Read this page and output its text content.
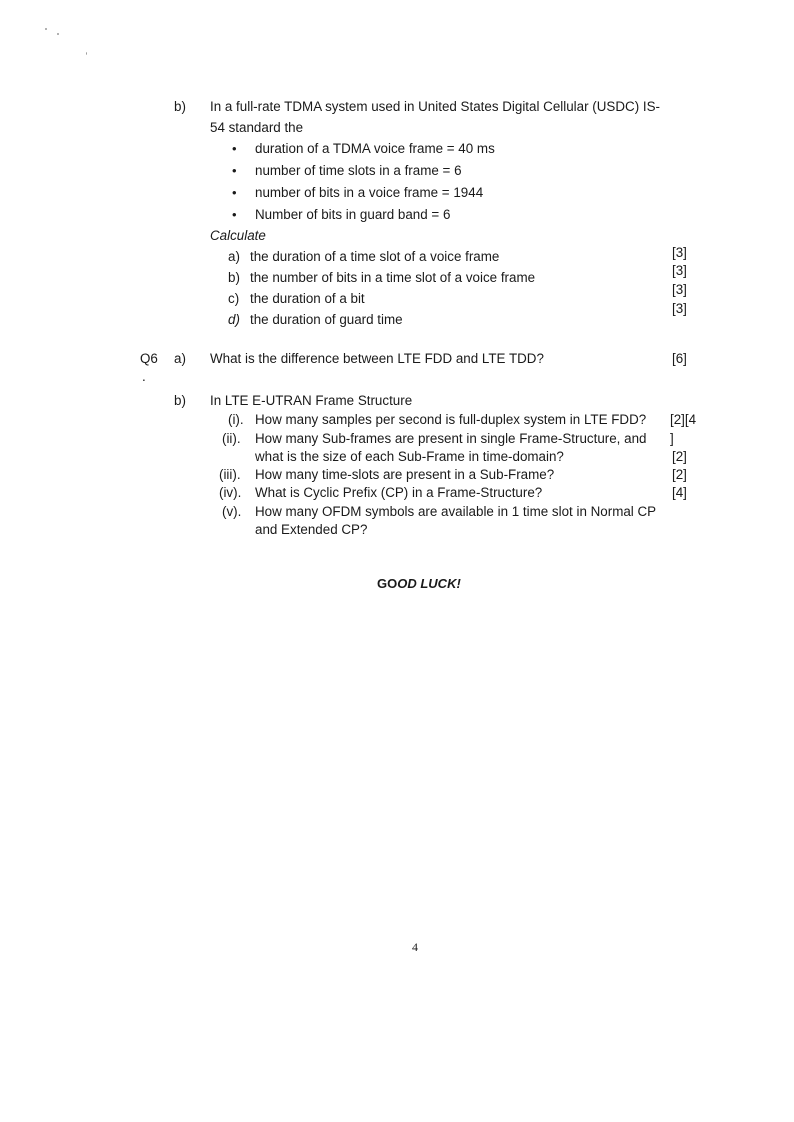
b) In a full-rate TDMA system used in United States Digital Cellular (USDC) IS-
54 standard the
• duration of a TDMA voice frame = 40 ms
• number of time slots in a frame = 6
• number of bits in a voice frame = 1944
• Number of bits in guard band = 6
Calculate
a) the duration of a time slot of a voice frame
b) the number of bits in a time slot of a voice frame
c) the duration of a bit
d) the duration of guard time
[3]
[3]
[3]
[3]
Q6
.
a) What is the difference between LTE FDD and LTE TDD?	[6]
b) In LTE E-UTRAN Frame Structure
(i). How many samples per second is full-duplex system in LTE FDD?
(ii). How many Sub-frames are present in single Frame-Structure, and
what is the size of each Sub-Frame in time-domain?
(iii). How many time-slots are present in a Sub-Frame?
(iv). What is Cyclic Prefix (CP) in a Frame-Structure?
(v). How many OFDM symbols are available in 1 time slot in Normal CP
and Extended CP?
[2][4
]
[2]
[2]
[4]
GOOD LUCK!
4
